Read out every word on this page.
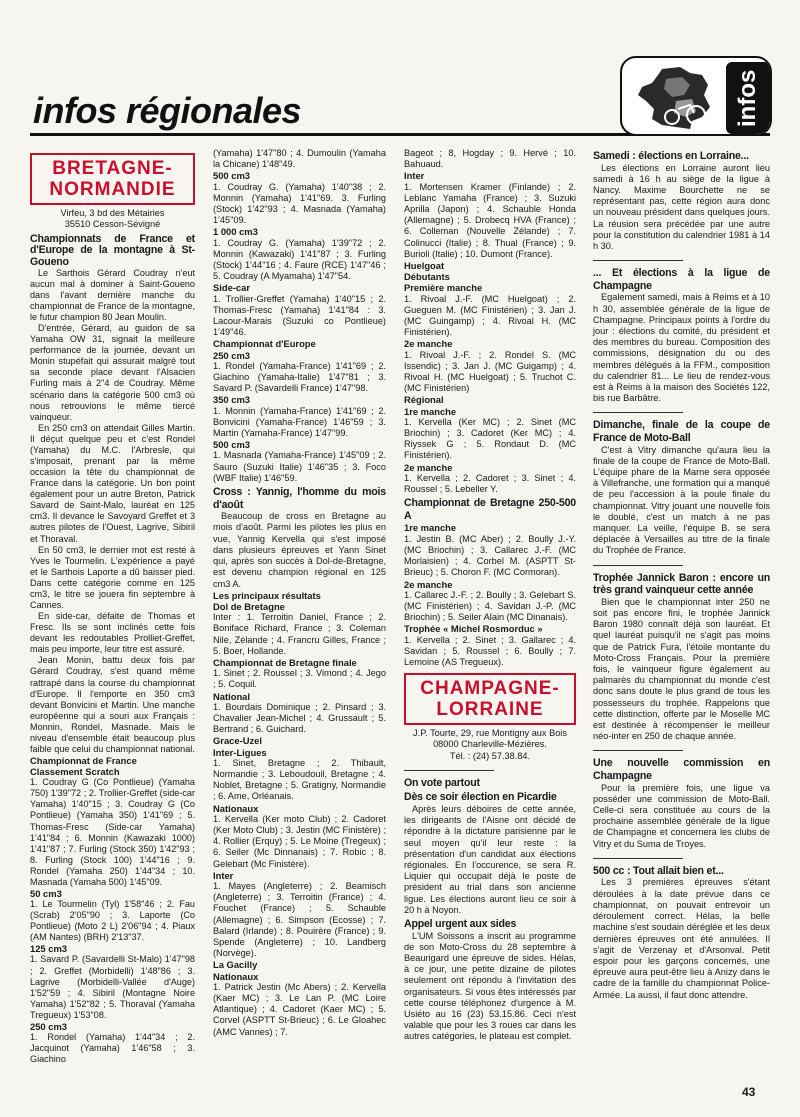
infos régionales	infos
BRETAGNE-NORMANDIE
Virfeu, 3 bd des Métairies
35510 Cesson-Sévigné
Championnats de France et d'Europe de la montagne à St-Goueno

Le Sarthois Gérard Coudray n'eut aucun mal à dominer à Saint-Goueno dans l'avant dernière manche du championnat de France de la montagne, le futur champion 80 Jean Moulin.

D'entrée, Gérard, au guidon de sa Yamaha OW 31, signait la meilleure performance de la journée, devant un Monin stupéfait qui assurait malgré tout sa seconde place devant l'Alsacien Furling mais à 2"4 de Coudray. Même scénario dans la catégorie 500 cm3 où nous retrouvions le même tiercé vainqueur.

En 250 cm3 on attendait Gilles Martin. Il déçut quelque peu et c'est Rondel (Yamaha) du M.C. l'Arbresle, qui s'imposait, prenant par la même occasion la tête du championnat de France dans la catégorie. Un bon point également pour un autre Breton, Patrick Savard de Saint-Malo, lauréat en 125 cm3. Il devance le Savoyard Greffet et 3 autres pilotes de l'Ouest, Lagrive, Sibiril et Thoraval.

En 50 cm3, le dernier mot est resté à Yves le Tourmelin. L'expérience a payé et le Sarthois Laporte a dû baisser pied. Dans cette catégorie comme en 125 cm3, le titre se jouera fin septembre à Cannes.

En side-car, défaite de Thomas et Fresc. Ils se sont inclinés cette fois devant les redoutables Prolliet-Greffet, mais peu importe, leur titre est assuré.

Jean Monin, battu deux fois par Gérard Coudray, s'est quand même rattrapé dans la course du championnat d'Europe. Il l'emporte en 350 cm3 devant Bonvicini et Martin. Une manche européenne qui a souri aux Français : Monnin, Rondel, Masnade. Mais le niveau d'ensemble était beaucoup plus faible que celui du championnat national.

Championnat de France
Classement Scratch

1. Coudray G (Co Pontlieue) (Yamaha 750) 1'39"72 ; 2. Trollier-Greffet (side-car Yamaha) 1'40"15 ; 3. Coudray G (Co Pontlieue) (Yamaha 350) 1'41"69 ; 5. Thomas-Fresc (Side-car Yamaha) 1'41"84 ; 6. Monnin (Kawazaki 1000) 1'41"87 ; 7. Furling (Stock 350) 1'42"93 ; 8. Furling (Stock 100) 1'44"16 ; 9. Rondel (Yamaha 250) 1'44"34 ; 10. Masnada (Yamaha 500) 1'45"09.

50 cm3

1. Le Tourmelin (Tyl) 1'58"46 ; 2. Fau (Scrab) 2'05"90 ; 3. Laporte (Co Pontlieue) (Moto 2 L) 2'06"94 ; 4. Piaux (AM Nantes) (BRH) 2'13"37.

125 cm3

1. Savard P. (Savardelli St-Malo) 1'47"98 ; 2. Greffet (Morbidelli) 1'48"86 ; 3. Lagrive (Morbidelli-Vallée d'Auge) 1'52"59 ; 4. Sibiril (Montagne Noire Yamaha) 1'52"82 ; 5. Thoraval (Yamaha Tregueux) 1'53"08.

250 cm3

1. Rondel (Yamaha) 1'44"34 ; 2. Jacquinot (Yamaha) 1'46"58 ; 3. Giachino

(Yamaha) 1'47"80 ; 4. Dumoulin (Yamaha la Chicane) 1'48"49.

500 cm3

1. Coudray G. (Yamaha) 1'40"38 ; 2. Monnin (Yamaha) 1'41"69. 3. Furling (Stock) 1'42"93 ; 4. Masnada (Yamaha) 1'45"09.

1 000 cm3

1. Coudray G. (Yamaha) 1'39"72 ; 2. Monnin (Kawazaki) 1'41"87 ; 3. Furling (Stock) 1'44"16 ; 4. Faure (RCE) 1'47"46 ; 5. Coudray (A Myamaha) 1'47"54.

Side-car

1. Trollier-Greffet (Yamaha) 1'40"15 ; 2. Thomas-Fresc (Yamaha) 1'41"84 : 3. Lacour-Marais (Suzuki co Pontlieue) 1'49"46.

Championnat d'Europe
250 cm3

1. Rondel (Yamaha-France) 1'41"69 ; 2. Giachino (Yamaha-Italie) 1'47"81 ; 3. Savard P. (Savardelli France) 1'47"98.

350 cm3

1. Monnin (Yamaha-France) 1'41"69 ; 2. Bonvicini (Yamaha-France) 1'46"59 ; 3. Martin (Yamaha-France) 1'47"99.

500 cm3

1. Masnada (Yamaha-France) 1'45"09 ; 2. Sauro (Suzuki Italie) 1'46"35 ; 3. Foco (WBF Italie) 1'46"59.

Cross : Yannig, l'homme du mois d'août

Beaucoup de cross en Bretagne au mois d'août. Parmi les pilotes les plus en vue, Yannig Kervella qui s'est imposé dans plusieurs épreuves et Yann Sinet qui, après son succès à Dol-de-Bretagne, est devenu champion régional en 125 cm3 A.

Les principaux résultats
Dol de Bretagne

Inter : 1. Terroitin Daniel, France ; 2. Boniface Richard, France ; 3. Coleman Nile, Zélande ; 4. Francru Gilles, France ; 5. Boer, Hollande.

Championnat de Bretagne finale

1. Sinet ; 2. Roussel ; 3. Vimond ; 4. Jego ; 5. Coquil.

National

1. Bourdais Dominique ; 2. Pinsard ; 3. Chavalier Jean-Michel ; 4. Grussault ; 5. Bertrand ; 6. Guichard.

Grace-Uzel
Inter-Ligues

1. Sinet, Bretagne ; 2. Thibault, Normandie ; 3. Leboudouil, Bretagne ; 4. Noblet, Bretagne ; 5. Gratigny, Normandie ; 6. Ame, Orléanais.

Nationaux

1. Kervella (Ker moto Club) ; 2. Cadoret (Ker Moto Club) ; 3. Jestin (MC Finistère) ; 4. Rollier (Erquy) ; 5. Le Moine (Tregeux) ; 6. Seiler (Mc Dinnanais) ; 7. Robic ; 8. Gelebart (Mc Finistère).

Inter

1. Mayes (Angleterre) ; 2. Beamisch (Angleterre) ; 3. Terroitin (France) ; 4. Fouchet (France) ; 5. Schauble (Allemagne) ; 6. Simpson (Ecosse) ; 7. Balard (Irlande) ; 8. Pouirère (France) ; 9. Spende (Angleterre) ; 10. Landberg (Norvège).

La Gacilly
Nationaux

1. Patrick Jestin (Mc Abers) ; 2. Kervella (Kaer MC) ; 3. Le Lan P. (MC Loire Atlantique) ; 4. Cadoret (Kaer MC) ; 5. Corvel (ASPTT St-Brieuc) ; 6. Le Gloahec (AMC Vannes) ; 7.

Bageot ; 8, Hogday ; 9. Hervé ; 10. Bahuaud.

Inter

1. Mortensen Kramer (Finlande) ; 2. Leblanc Yamaha (France) ; 3. Suzuki Aprilla (Japon) ; 4. Schauble Honda (Allemagne) ; 5. Drobecq HVA (France) ; 6. Colleman (Nouvelle Zélande) ; 7. Colinucci (Italie) ; 8. Thual (France) ; 9. Burioli (Italie) ; 10. Dumont (France).

Huelgoat
Débutants
Première manche

1. Rivoal J.-F. (MC Huelgoat) ; 2. Gueguen M. (MC Finistérien) ; 3. Jan J. (MC Guingamp) ; 4. Rivoal H. (MC Finistérien).

2e manche

1. Rivoal J.-F. ; 2. Rondel S. (MC Issendic) ; 3. Jan J. (MC Guigamp) ; 4. Rivoal H. (MC Huelgoat) ; 5. Truchot C. (MC Finistérien)

Régional
1re manche

1. Kervella (Ker MC) ; 2. Sinet (MC Briochin) ; 3. Cadoret (Ker MC) ; 4. Riyssek G ; 5. Rondaut D. (MC Finistérien).

2e manche

1. Kervella ; 2. Cadoret ; 3. Sinet ; 4. Roussel ; 5. Lebeller Y.

Championnat de Bretagne 250-500 A
1re manche

1. Jestin B. (MC Aber) ; 2. Boully J.-Y. (MC Briochin) ; 3. Callarec J.-F. (MC Morlaisien) ; 4. Corbel M. (ASPTT St-Brieuc) ; 5. Choron F. (MC Cormoran).

2e manche

1. Callarec J.-F. ; 2. Boully ; 3. Gelebart S. (MC Finistérien) ; 4. Savidan J.-P. (MC Briochin) ; 5. Seiler Alain (MC Dinanais).

Trophée « Michel Rosmorduc »

1. Kervella ; 2. Sinet ; 3. Gallarec ; 4. Savidan ; 5. Roussel ; 6. Boully ; 7. Lemoine (AS Tregueux).

CHAMPAGNE-LORRAINE
J.P. Tourte, 29, rue Montigny aux Bois
08000 Charleville-Mézières.
Tél. : (24) 57.38.84.
On vote partout
Dès ce soir élection en Picardie

Après leurs déboires de cette année, les dirigeants de l'Aisne ont décidé de répondre à la dictature parisienne par le seul moyen qu'il leur reste : la présentation d'un candidat aux élections régionales. En l'occurence, se sera R. Liquier qui occupait déjà le poste de président au trial dans son ancienne ligue. Les élections auront lieu ce soir à 20 h à Noyon.

Appel urgent aux sides

L'UM Soissons a inscrit au programme de son Moto-Cross du 28 septembre à Beaurigard une épreuve de sides. Hélas, à ce jour, une petite dizaine de pilotes seulement ont répondu à l'invitation des organisateurs. Si vous êtes intéressés par cette course téléphonez d'urgence à M. Usiéto au 16 (23) 53.15.86. Ceci n'est valable que pour les 3 roues car dans les autres catégories, le plateau est complet.

Samedi : élections en Lorraine...

Les élections en Lorraine auront lieu samedi à 16 h au siège de la ligue à Nancy. Maxime Bourchette ne se représentant pas, cette région aura donc un nouveau président dans quelques jours. La réusion sera précédée par une autre pour la constitution du calendrier 1981 à 14 h 30.

... Et élections à la ligue de Champagne

Egalement samedi, mais à Reims et à 10 h 30, assemblée générale de la ligue de Champagne. Principaux points à l'ordre du jour : élections du comité, du président et des membres du bureau. Composition des commissions, désignation du ou des membres délégués à la FFM., composition du calendrier 81... Le lieu de rendez-vous est à Reims à la maison des Sociétés 122, bis rue Barbâtre.

Dimanche, finale de la coupe de France de Moto-Ball

C'est à Vitry dimanche qu'aura lieu la finale de la coupe de France de Moto-Ball. L'équipe phare de la Marne sera opposée à Villefranche, une formation qui a manqué de peu l'accession à la poule finale du championnat. Vitry jouant une nouvelle fois le doublé, c'est un match à ne pas manquer. La veille, l'équipe B. se sera déplacée à Versailles au titre de la finale du Trophée de France.

Trophée Jannick Baron : encore un très grand vainqueur cette année

Bien que le championnat inter 250 ne soit pas encore fini, le trophée Jannick Baron 1980 connaît déjà son lauréat. Et quel lauréat puisqu'il ne s'agit pas moins que de Patrick Fura, l'étoile montante du Moto-Cross Français. Pour la première fois, le vainqueur figure également au palmarès du championnat du monde c'est donc sans doute le plus grand de tous les possesseurs du trophée. Rappelons que cette distinction, offerte par le Moselle MC est destinée à récompenser le meilleur néo-inter en 250 de chaque année.

Une nouvelle commission en Champagne

Pour la première fois, une ligue va posséder une commission de Moto-Ball. Celle-ci sera constituée au cours de la prochaine assemblée générale de la ligue de Champagne et concernera les clubs de Vitry et du Suma de Troyes.

500 cc : Tout allait bien et...

Les 3 premières épreuves s'étant déroulées à la date prévue dans ce championnat, on pouvait entrevoir un déroulement correct. Hélas, la belle machine s'est soudain déréglée et les deux dernières épreuves ont été annulées. Il s'agit de Verzenay et d'Arsonval. Petit espoir pour les garçons concernés, une épreuve aura peut-être lieu à Anizy dans le cadre de la famille du championnat Police-Armée. La aussi, il faut donc attendre.

43
